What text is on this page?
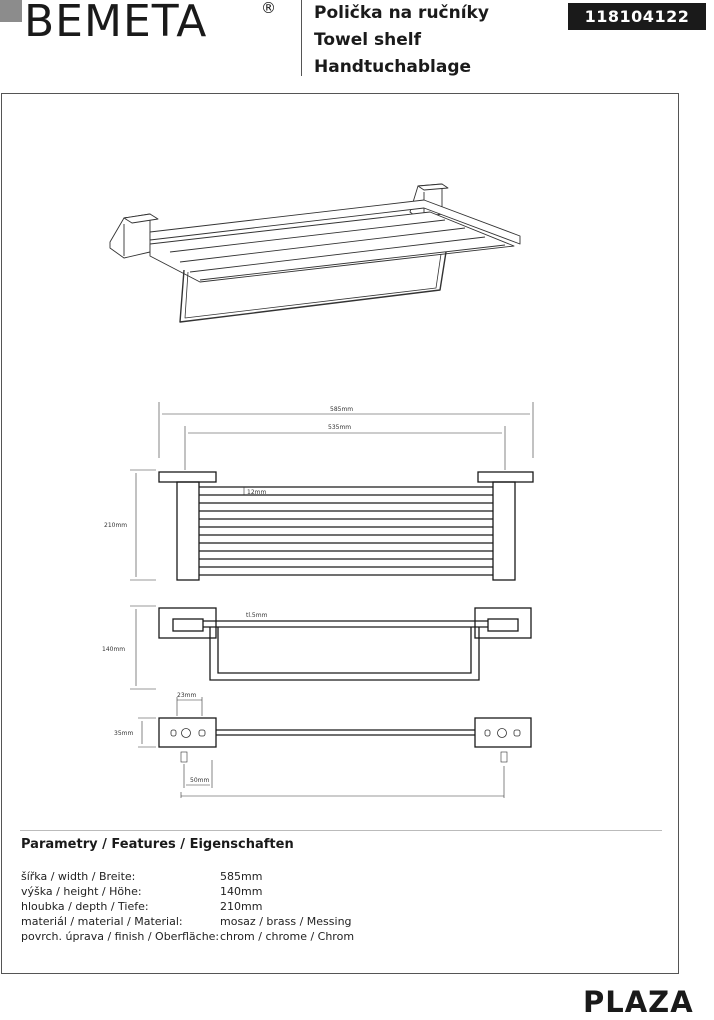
BEMETA	® Polička na ručníky
Towel shelf
Handtuchablage
118104122
585mm
535mm
210mm
12mm
140mm
tl.5mm
23mm
35mm
50mm
Parametry / Features / Eigenschaften
šířka / width / Breite:	585mm
výška / height / Höhe:	140mm
hloubka / depth / Tiefe:	210mm
materiál / material / Material:	mosaz / brass / Messing
povrch. úprava / finish / Oberfläche:	chrom / chrome / Chrom
PLAZA
